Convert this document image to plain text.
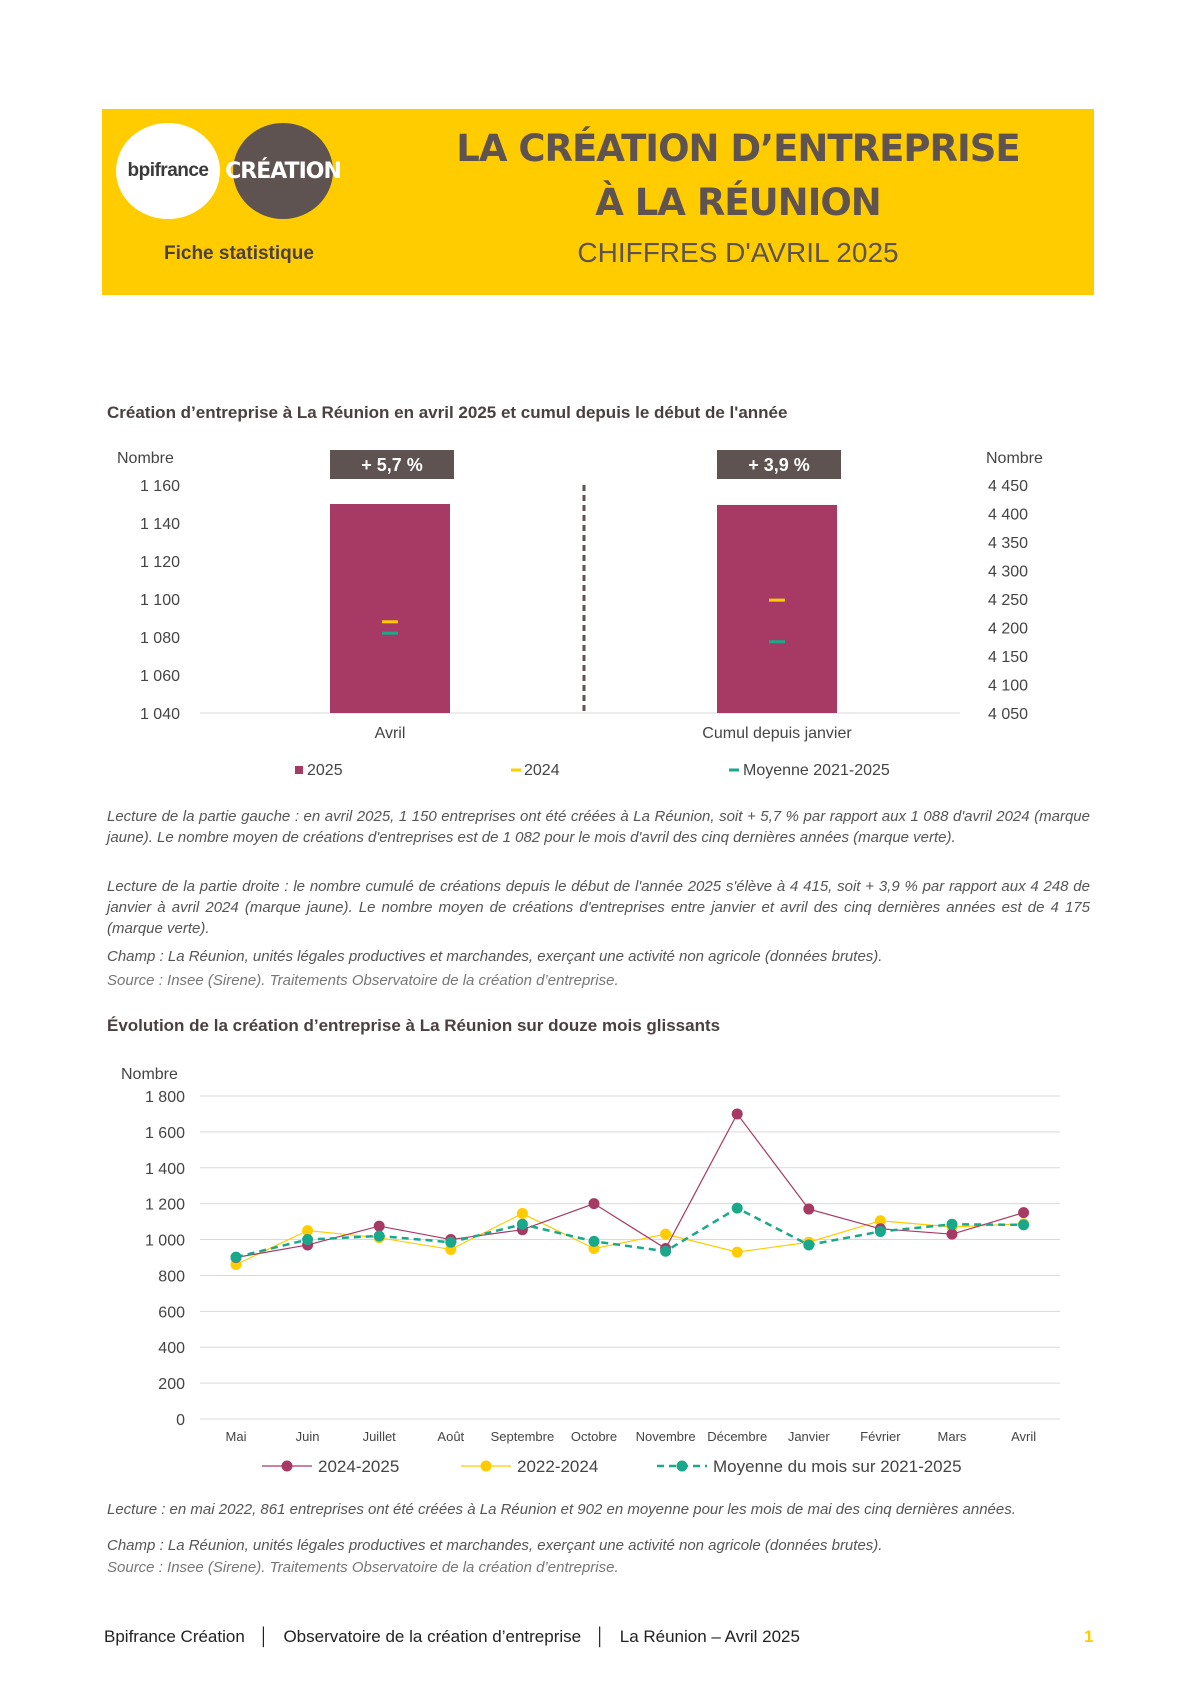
bpifrance CRÉATION
Fiche statistique
LA CRÉATION D’ENTREPRISE
À LA RÉUNION
CHIFFRES D'AVRIL 2025
Création d’entreprise à La Réunion en avril 2025 et cumul depuis le début de l'année
Nombre	Nombre
1 040
1 060
1 080
1 100
1 120
1 140
1 160
4 050
4 100
4 150
4 200
4 250
4 300
4 350
4 400
4 450
+ 5,7 %
Avril
+ 3,9 %
Cumul depuis janvier
2025	2024	Moyenne 2021-2025

Lecture de la partie gauche : en avril 2025, 1 150 entreprises ont été créées à La Réunion, soit + 5,7 % par rapport aux 1 088 d'avril 2024 (marque jaune). Le nombre moyen de créations d'entreprises est de 1 082 pour le mois d'avril des cinq dernières années (marque verte).

Lecture de la partie droite : le nombre cumulé de créations depuis le début de l'année 2025 s'élève à 4 415, soit + 3,9 % par rapport aux 4 248 de janvier à avril 2024 (marque jaune). Le nombre moyen de créations d'entreprises entre janvier et avril des cinq dernières années est de 4 175 (marque verte).

Champ : La Réunion, unités légales productives et marchandes, exerçant une activité non agricole (données brutes).

Source : Insee (Sirene). Traitements Observatoire de la création d’entreprise.

Évolution de la création d’entreprise à La Réunion sur douze mois glissants
Nombre
0
200
400
600
800
1 000
1 200
1 400
1 600
1 800
Mai	Juin	Juillet	Août Septembre Octobre Novembre Décembre Janvier Février	Mars	Avril
2024-2025	2022-2024	Moyenne du mois sur 2021-2025

Lecture : en mai 2022, 861 entreprises ont été créées à La Réunion et 902 en moyenne pour les mois de mai des cinq dernières années.

Champ : La Réunion, unités légales productives et marchandes, exerçant une activité non agricole (données brutes).

Source : Insee (Sirene). Traitements Observatoire de la création d’entreprise.

Bpifrance Création │ Observatoire de la création d’entreprise │ La Réunion – Avril 2025	1
